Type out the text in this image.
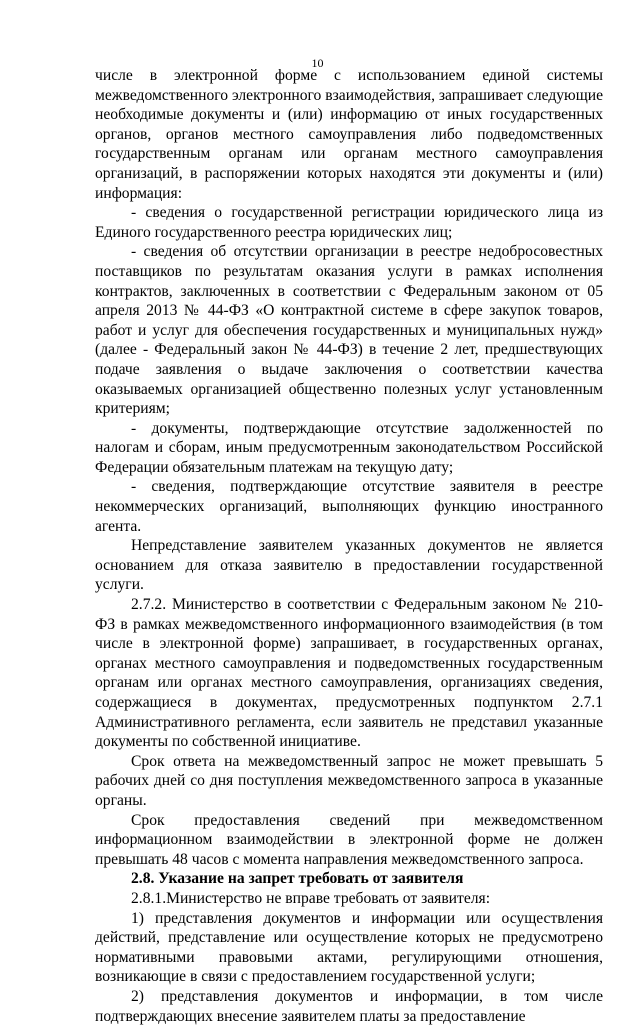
10

числе в электронной форме с использованием единой системы межведомственного электронного взаимодействия, запрашивает следующие необходимые документы и (или) информацию от иных государственных органов, органов местного самоуправления либо подведомственных государственным органам или органам местного самоуправления организаций, в распоряжении которых находятся эти документы и (или) информация:

- сведения о государственной регистрации юридического лица из Единого государственного реестра юридических лиц;

- сведения об отсутствии организации в реестре недобросовестных поставщиков по результатам оказания услуги в рамках исполнения контрактов, заключенных в соответствии с Федеральным законом от 05 апреля 2013 № 44-ФЗ «О контрактной системе в сфере закупок товаров, работ и услуг для обеспечения государственных и муниципальных нужд» (далее - Федеральный закон № 44-ФЗ) в течение 2 лет, предшествующих подаче заявления о выдаче заключения о соответствии качества оказываемых организацией общественно полезных услуг установленным критериям;

- документы, подтверждающие отсутствие задолженностей по налогам и сборам, иным предусмотренным законодательством Российской Федерации обязательным платежам на текущую дату;

- сведения, подтверждающие отсутствие заявителя в реестре некоммерческих организаций, выполняющих функцию иностранного агента.

Непредставление заявителем указанных документов не является основанием для отказа заявителю в предоставлении государственной услуги.

2.7.2. Министерство в соответствии с Федеральным законом № 210-ФЗ в рамках межведомственного информационного взаимодействия (в том числе в электронной форме) запрашивает, в государственных органах, органах местного самоуправления и подведомственных государственным органам или органах местного самоуправления, организациях сведения, содержащиеся в документах, предусмотренных подпунктом 2.7.1 Административного регламента, если заявитель не представил указанные документы по собственной инициативе.

Срок ответа на межведомственный запрос не может превышать 5 рабочих дней со дня поступления межведомственного запроса в указанные органы.

Срок предоставления сведений при межведомственном информационном взаимодействии в электронной форме не должен превышать 48 часов с момента направления межведомственного запроса.

2.8. Указание на запрет требовать от заявителя

2.8.1.Министерство не вправе требовать от заявителя:

1) представления документов и информации или осуществления действий, представление или осуществление которых не предусмотрено нормативными правовыми актами, регулирующими отношения, возникающие в связи с предоставлением государственной услуги;

2) представления документов и информации, в том числе подтверждающих внесение заявителем платы за предоставление
